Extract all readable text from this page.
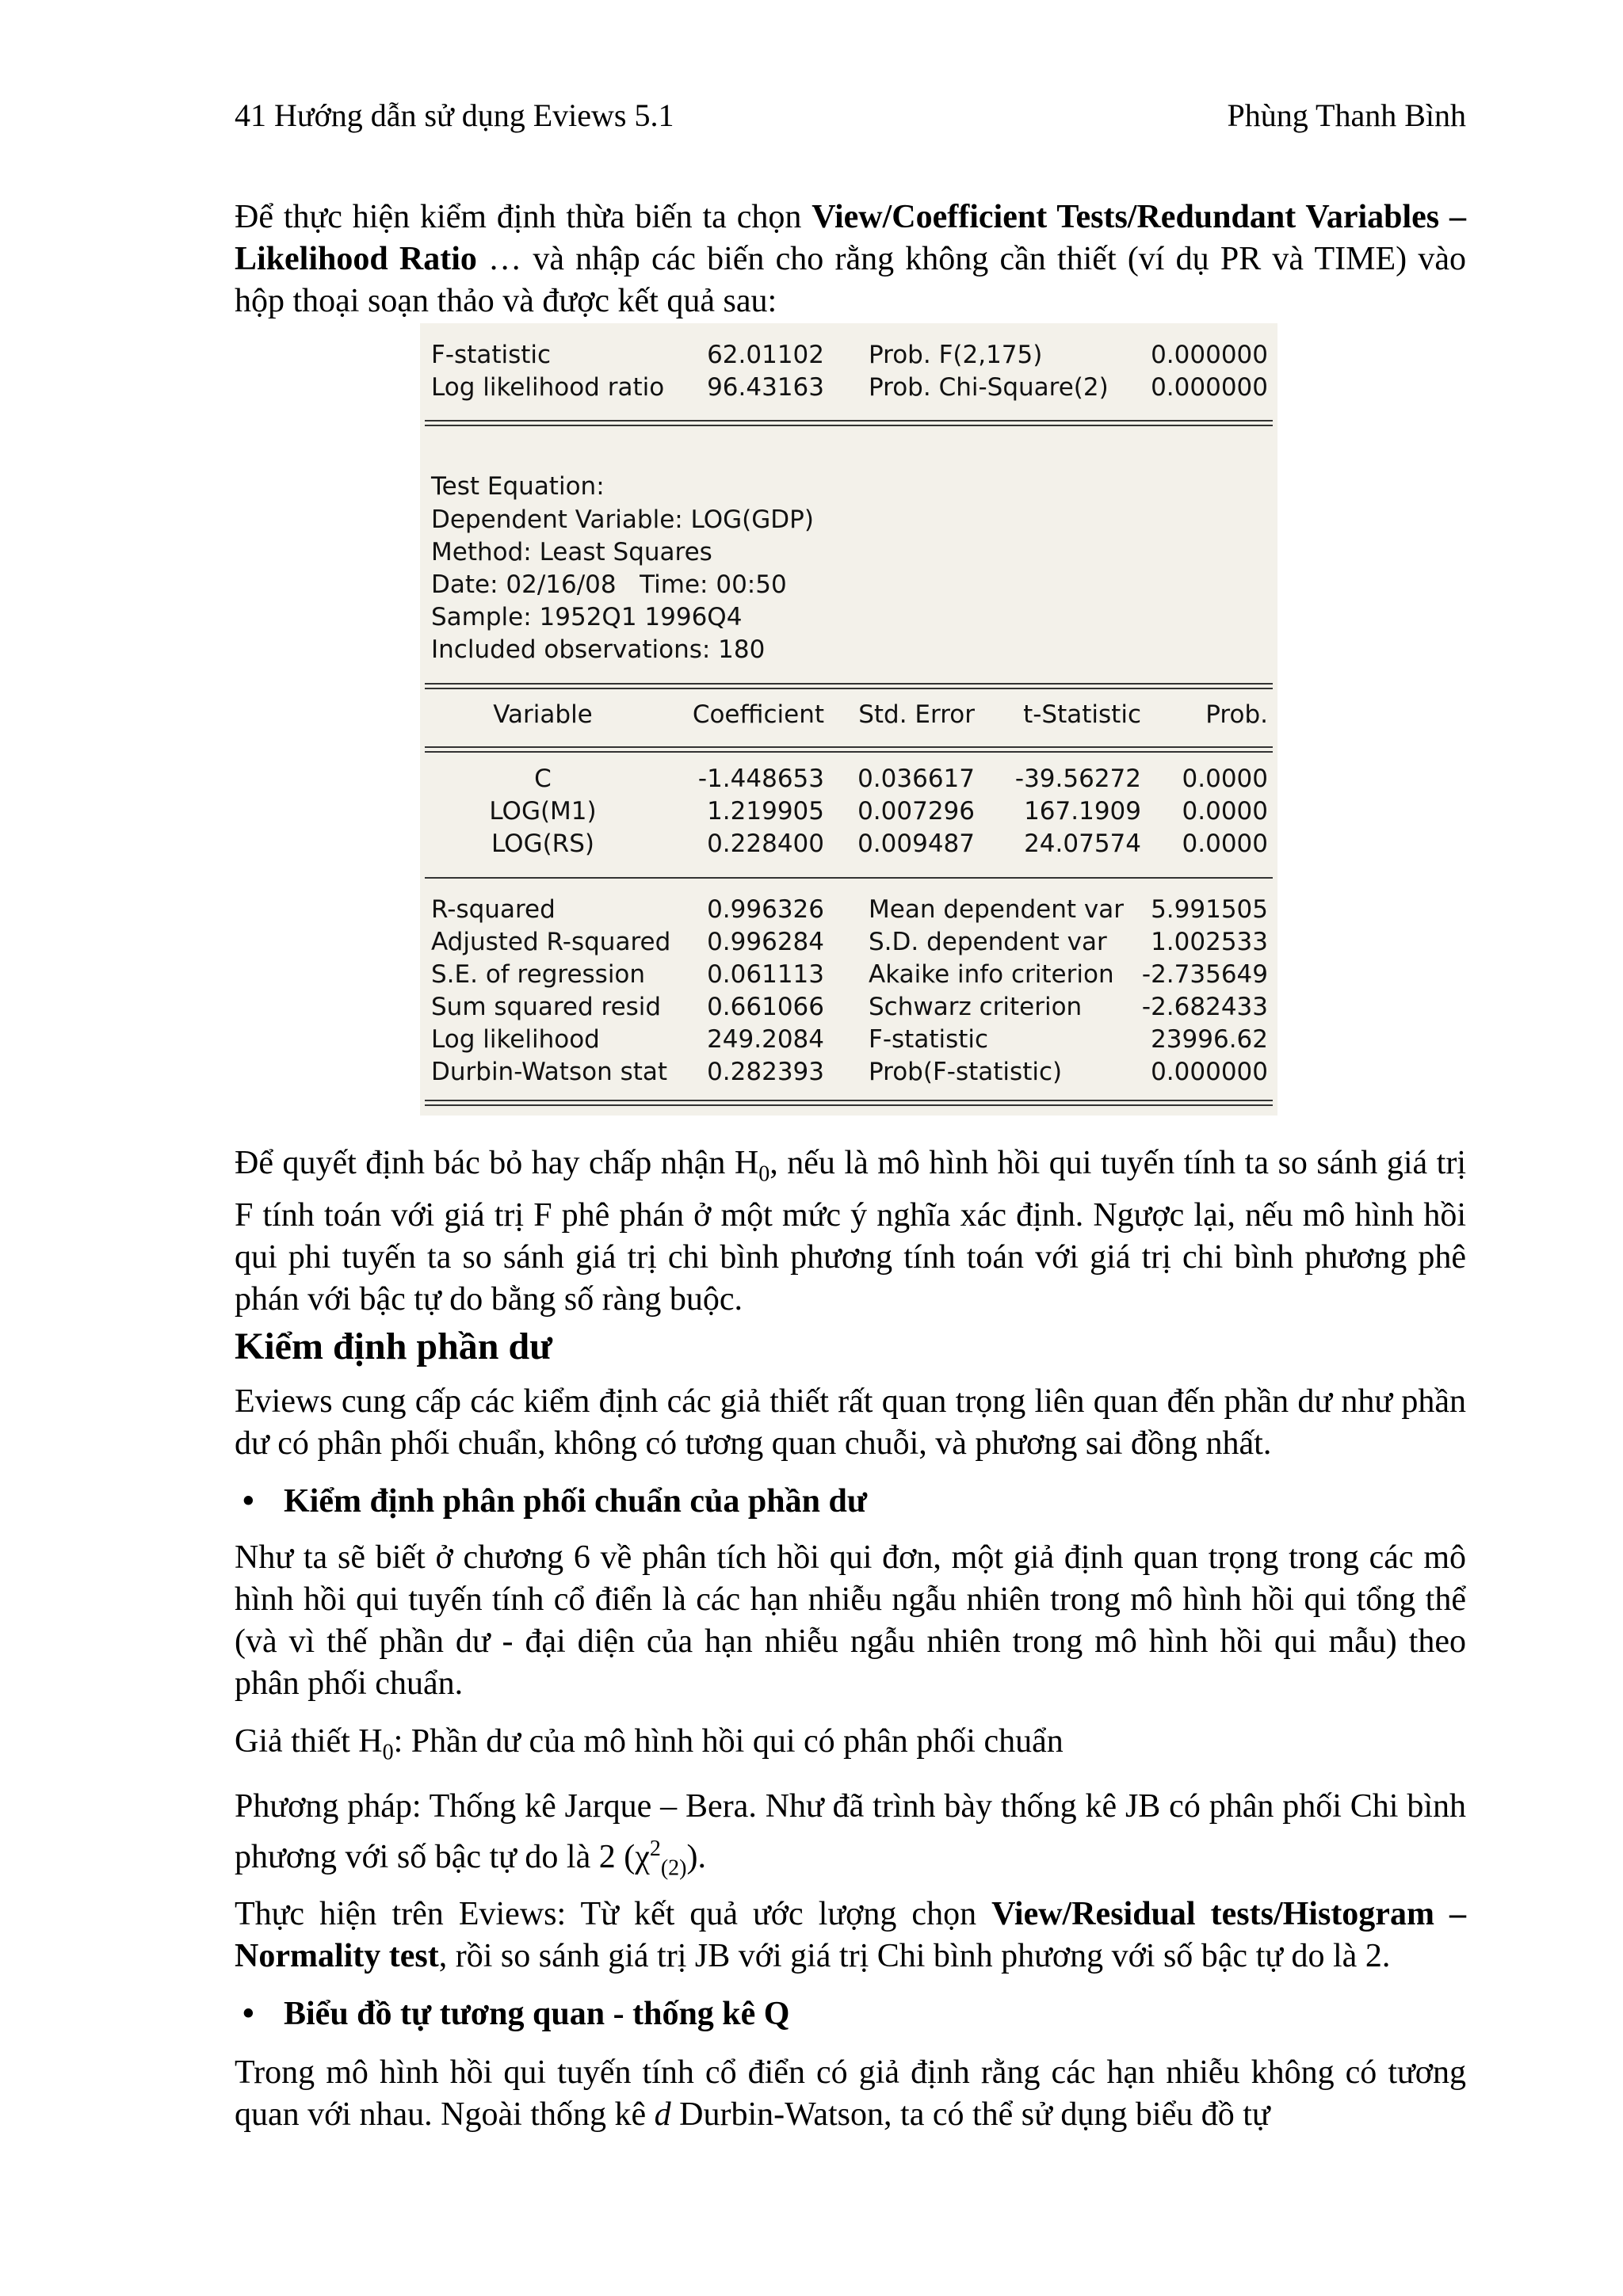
41 Hướng dẫn sử dụng Eviews 5.1	Phùng Thanh Bình
Để thực hiện kiểm định thừa biến ta chọn View/Coefficient Tests/Redundant Variables – Likelihood Ratio … và nhập các biến cho rằng không cần thiết (ví dụ PR và TIME) vào hộp thoại soạn thảo và được kết quả sau:
F-statistic	62.01102 Prob. F(2,175)	0.000000
Log likelihood ratio	96.43163 Prob. Chi-Square(2)	0.000000
Test Equation:
Dependent Variable: LOG(GDP)
Method: Least Squares
Date: 02/16/08   Time: 00:50
Sample: 1952Q1 1996Q4
Included observations: 180
Variable	Coefficient	Std. Error	t-Statistic	Prob.
C	-1.448653	0.036617	-39.56272	0.0000
LOG(M1)	1.219905	0.007296	167.1909	0.0000
LOG(RS)	0.228400	0.009487	24.07574	0.0000
R-squared	0.996326 Mean dependent var	5.991505
Adjusted R-squared	0.996284 S.D. dependent var	1.002533
S.E. of regression	0.061113 Akaike info criterion	-2.735649
Sum squared resid	0.661066 Schwarz criterion	-2.682433
Log likelihood	249.2084 F-statistic	23996.62
Durbin-Watson stat	0.282393 Prob(F-statistic)	0.000000
Để quyết định bác bỏ hay chấp nhận $H_0$, nếu là mô hình hồi qui tuyến tính ta so sánh giá trị F tính toán với giá trị F phê phán ở một mức ý nghĩa xác định. Ngược lại, nếu mô hình hồi qui phi tuyến ta so sánh giá trị chi bình phương tính toán với giá trị chi bình phương phê phán với bậc tự do bằng số ràng buộc.
Kiểm định phần dư
Eviews cung cấp các kiểm định các giả thiết rất quan trọng liên quan đến phần dư như phần dư có phân phối chuẩn, không có tương quan chuỗi, và phương sai đồng nhất.
• Kiểm định phân phối chuẩn của phần dư
Như ta sẽ biết ở chương 6 về phân tích hồi qui đơn, một giả định quan trọng trong các mô hình hồi qui tuyến tính cổ điển là các hạn nhiễu ngẫu nhiên trong mô hình hồi qui tổng thể (và vì thế phần dư - đại diện của hạn nhiễu ngẫu nhiên trong mô hình hồi qui mẫu) theo phân phối chuẩn.
Giả thiết $H_0$: Phần dư của mô hình hồi qui có phân phối chuẩn
Phương pháp: Thống kê Jarque – Bera. Như đã trình bày thống kê JB có phân phối Chi bình phương với số bậc tự do là 2 $(\chi^2_{(2)})$.
Thực hiện trên Eviews: Từ kết quả ước lượng chọn View/Residual tests/Histogram – Normality test, rồi so sánh giá trị JB với giá trị Chi bình phương với số bậc tự do là 2.
• Biểu đồ tự tương quan - thống kê Q
Trong mô hình hồi qui tuyến tính cổ điển có giả định rằng các hạn nhiễu không có tương quan với nhau. Ngoài thống kê d Durbin-Watson, ta có thể sử dụng biểu đồ tự
